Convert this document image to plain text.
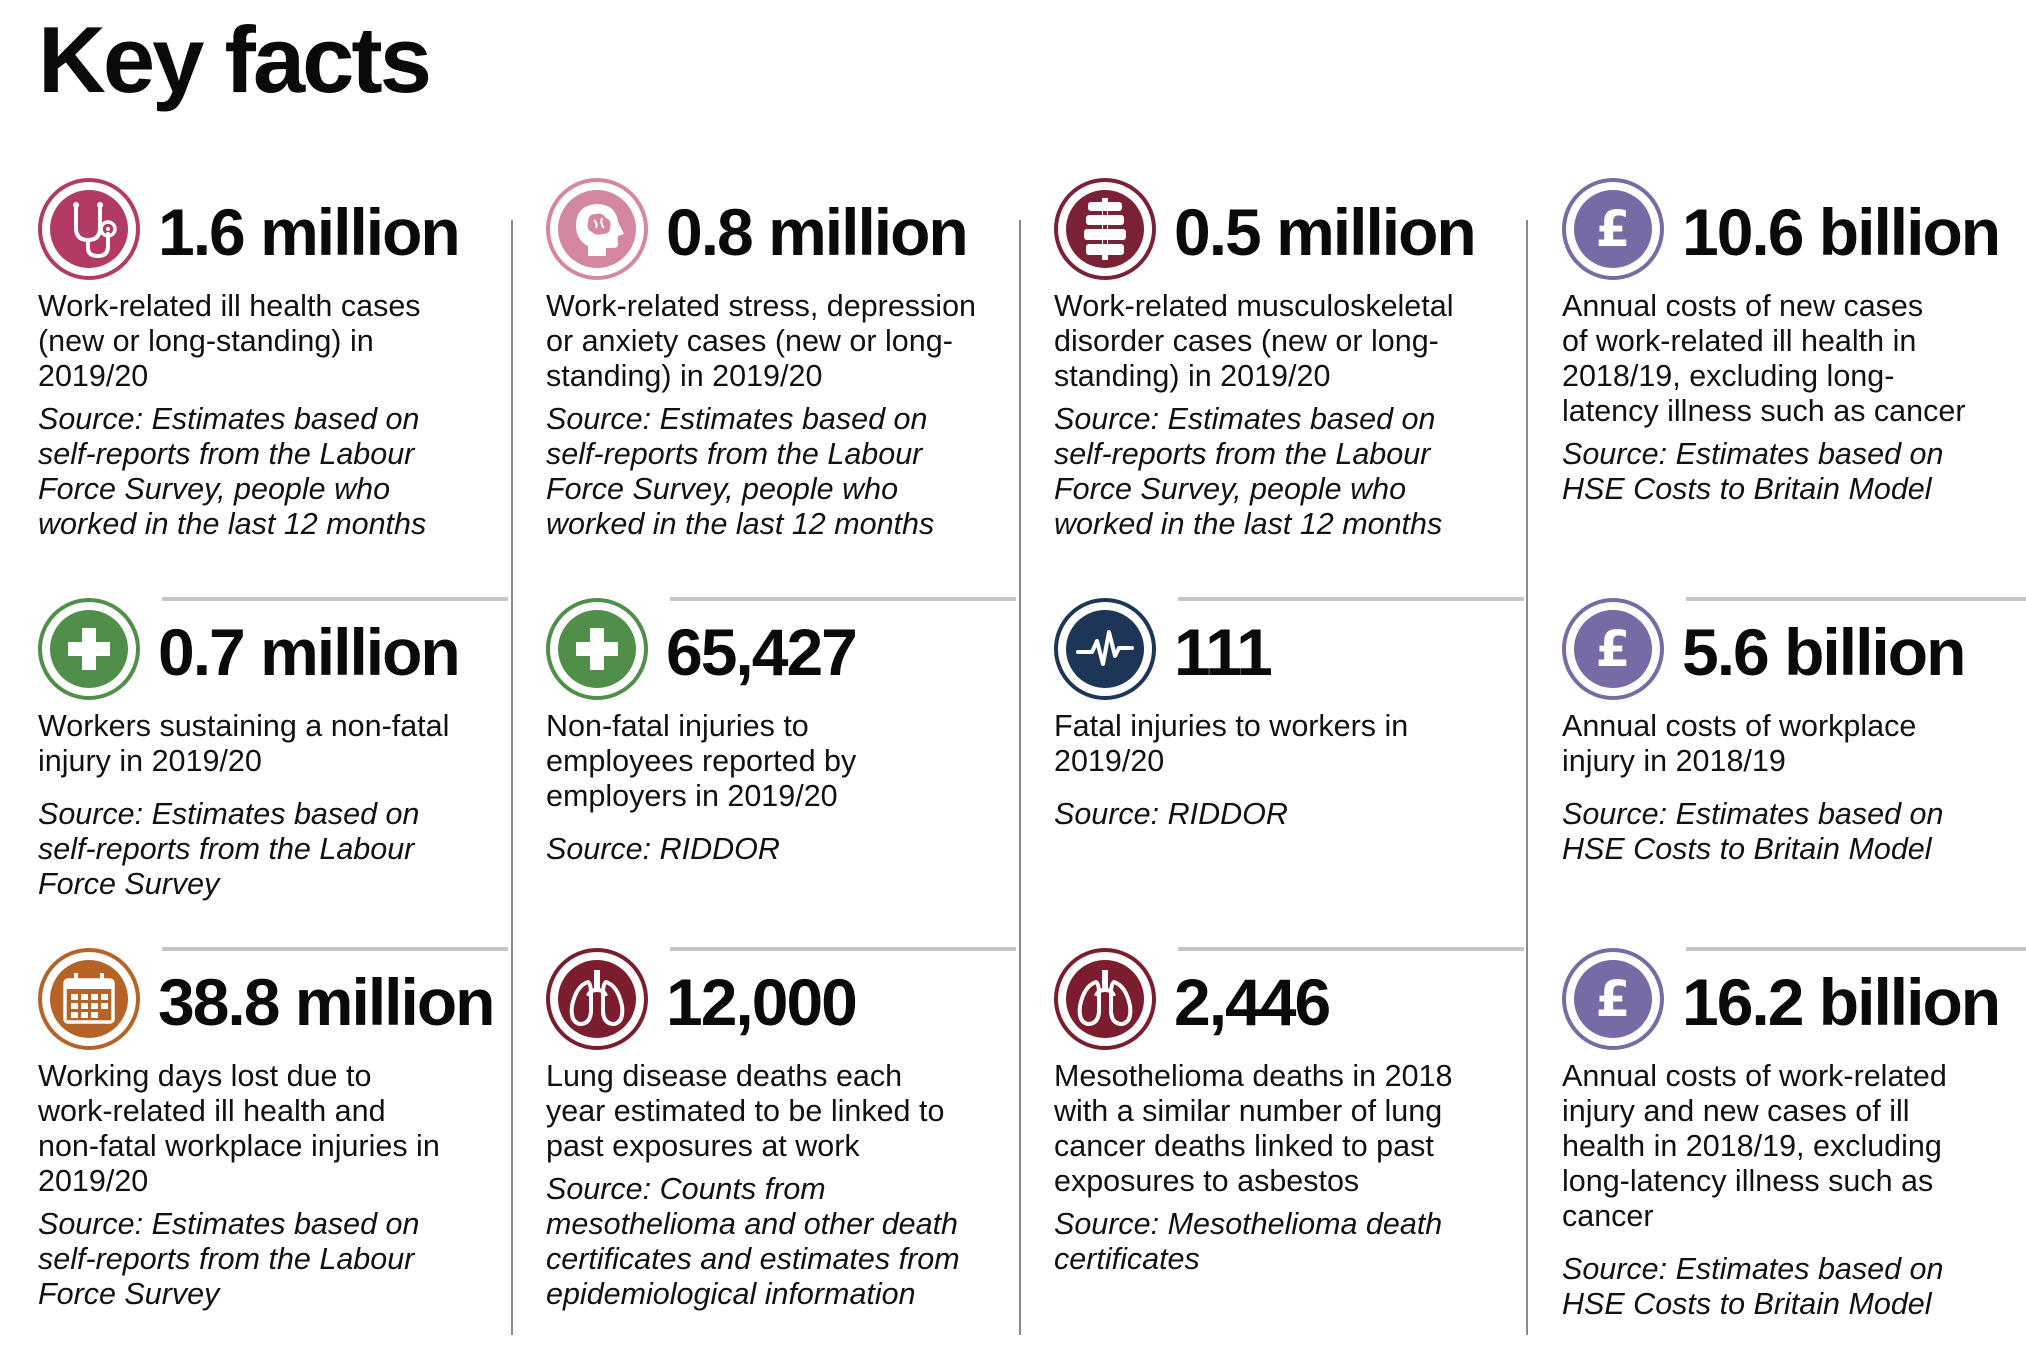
Key facts
1.6 million

Work-related ill health cases
(new or long-standing) in
2019/20

Source: Estimates based on
self-reports from the Labour
Force Survey, people who
worked in the last 12 months

0.8 million

Work-related stress, depression
or anxiety cases (new or long-
standing) in 2019/20

Source: Estimates based on
self-reports from the Labour
Force Survey, people who
worked in the last 12 months

0.5 million

Work-related musculoskeletal
disorder cases (new or long-
standing) in 2019/20

Source: Estimates based on
self-reports from the Labour
Force Survey, people who
worked in the last 12 months

£ 10.6 billion

Annual costs of new cases
of work-related ill health in
2018/19, excluding long-
latency illness such as cancer

Source: Estimates based on
HSE Costs to Britain Model

0.7 million

Workers sustaining a non-fatal
injury in 2019/20

Source: Estimates based on
self-reports from the Labour
Force Survey

65,427

Non-fatal injuries to
employees reported by
employers in 2019/20

Source: RIDDOR

111

Fatal injuries to workers in
2019/20

Source: RIDDOR

£ 5.6 billion

Annual costs of workplace
injury in 2018/19

Source: Estimates based on
HSE Costs to Britain Model

38.8 million

Working days lost due to
work-related ill health and
non-fatal workplace injuries in
2019/20

Source: Estimates based on
self-reports from the Labour
Force Survey

12,000

Lung disease deaths each
year estimated to be linked to
past exposures at work

Source: Counts from
mesothelioma and other death
certificates and estimates from
epidemiological information

2,446

Mesothelioma deaths in 2018
with a similar number of lung
cancer deaths linked to past
exposures to asbestos

Source: Mesothelioma death
certificates

£ 16.2 billion

Annual costs of work-related
injury and new cases of ill
health in 2018/19, excluding
long-latency illness such as
cancer

Source: Estimates based on
HSE Costs to Britain Model
